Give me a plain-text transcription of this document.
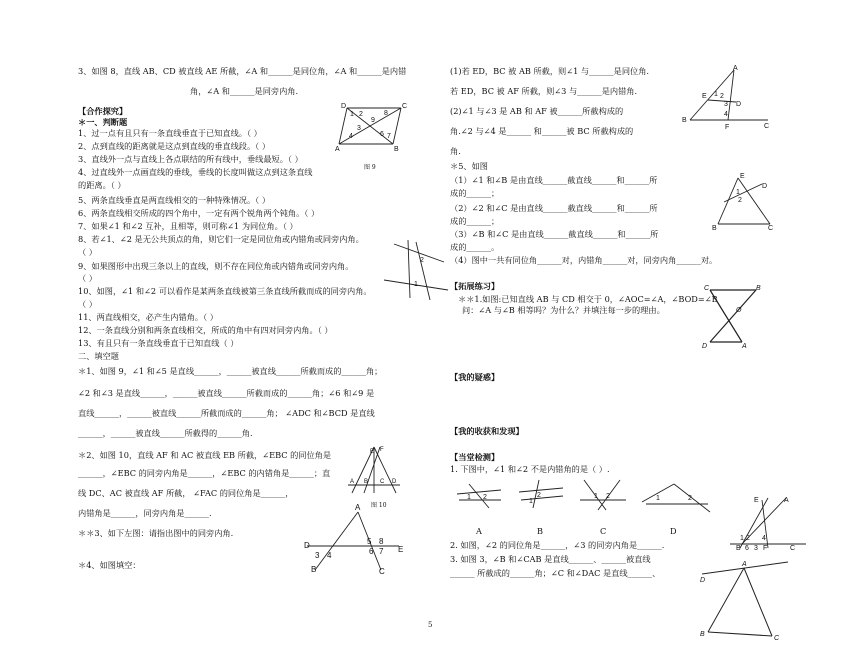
3、如图 8，直线 AB、CD 被直线 AE 所截，∠A 和______是同位角，∠A 和______是内错
角，∠A 和______是同旁内角.
【合作探究】
＊一、判断题
1、过一点有且只有一条直线垂直于已知直线。（ ）
2、点到直线的距离就是这点到直线的垂直线段。（ ）
3、直线外一点与直线上各点联结的所有线中，垂线最短。（ ）
4、过直线外一点画直线的垂线，垂线的长度叫做这点到这条直线
的距离。（ ）
5、两条直线垂直是两直线相交的一种特殊情况。（ ）
6、两条直线相交所成的四个角中，一定有两个锐角两个钝角。（ ）
7、如果∠1 和∠2 互补，且相等，则可称∠1 为同位角。（ ）
8、若∠1、∠2 是无公共顶点的角，则它们一定是同位角或内错角或同旁内角。
（ ）
9、如果图形中出现三条以上的直线，则不存在同位角或内错角或同旁内角。
（ ）
10、如图，∠1 和∠2 可以看作是某两条直线被第三条直线所截而成的同旁内角。
（ ）
11、两直线相交，必产生内错角。（ ）
12、一条直线分别和两条直线相交，所成的角中有四对同旁内角。（ ）
13、有且只有一条直线垂直于已知直线（ ）
二、填空题
＊1、如图 9，∠1 和∠5 是直线______，______被直线______所截而成的______角；
∠2 和∠3 是直线______，______被直线______所截而成的______角；∠6 和∠9 是
直线______，______被直线______所截而成的______角； ∠ADC 和∠BCD 是直线
______，______被直线______所截得的______角.
＊2、如图 10，直线 AF 和 AC 被直线 EB 所截，∠EBC 的同位角是
______，∠EBC 的同旁内角是______，∠EBC 的内错角是______；直
线 DC、AC 被直线 AF 所截， ∠FAC 的同位角是______，
内错角是______，同旁内角是______.
＊＊3、如下左图：请指出图中的同旁内角.
＊4、如图填空：
D	C
A	B
1 2
4
9
8
3
6 7
图 9
2
1
F
E
A B C D
图 10
A
D	E
3 4	6 7
5 8
B	C
(1)若 ED，BC 被 AB 所截，则∠1 与______是同位角.
若 ED，BC 被 AF 所截，则∠3 与______是内错角.
(2)∠1 与∠3 是 AB 和 AF 被______所截构成的
角.∠2 与∠4 是______ 和______被 BC 所截构成的
角.
＊5、如图
（1）∠1 和∠B 是由直线______截直线______和______所
成的______；
（2）∠2 和∠C 是由直线______截直线______和______所
成的______；
（3）∠B 和∠C 是由直线______截直线______和______所
成的______。
（4）图中一共有同位角______对，内错角______对，同旁内角______对。
【拓展练习】
＊＊1.如图:已知直线 AB 与 CD 相交于 0，∠AOC=∠A，∠BOD=∠B
问：∠A 与∠B 相等吗？为什么？并填注每一步的理由。
【我的疑惑】
【我的收获和发现】
【当堂检测】
1. 下图中，∠1 和∠2 不是内错角的是（ ）.
2. 如图，∠2 的同位角是______，∠3 的同旁内角是______.
3. 如图 3，∠B 和∠CAB 是直线______、______被直线
______ 所截成的______角；∠C 和∠DAC 是直线______、
A
E
D
B
F	C
1 2
3
4
E
D
1
2
B	C
C	B
O
D	A
1 2	2
1
1 2	1	2
A	B	C	D
E	A
1 2 4
B 6 3 F	C
A
D
B
C
5
